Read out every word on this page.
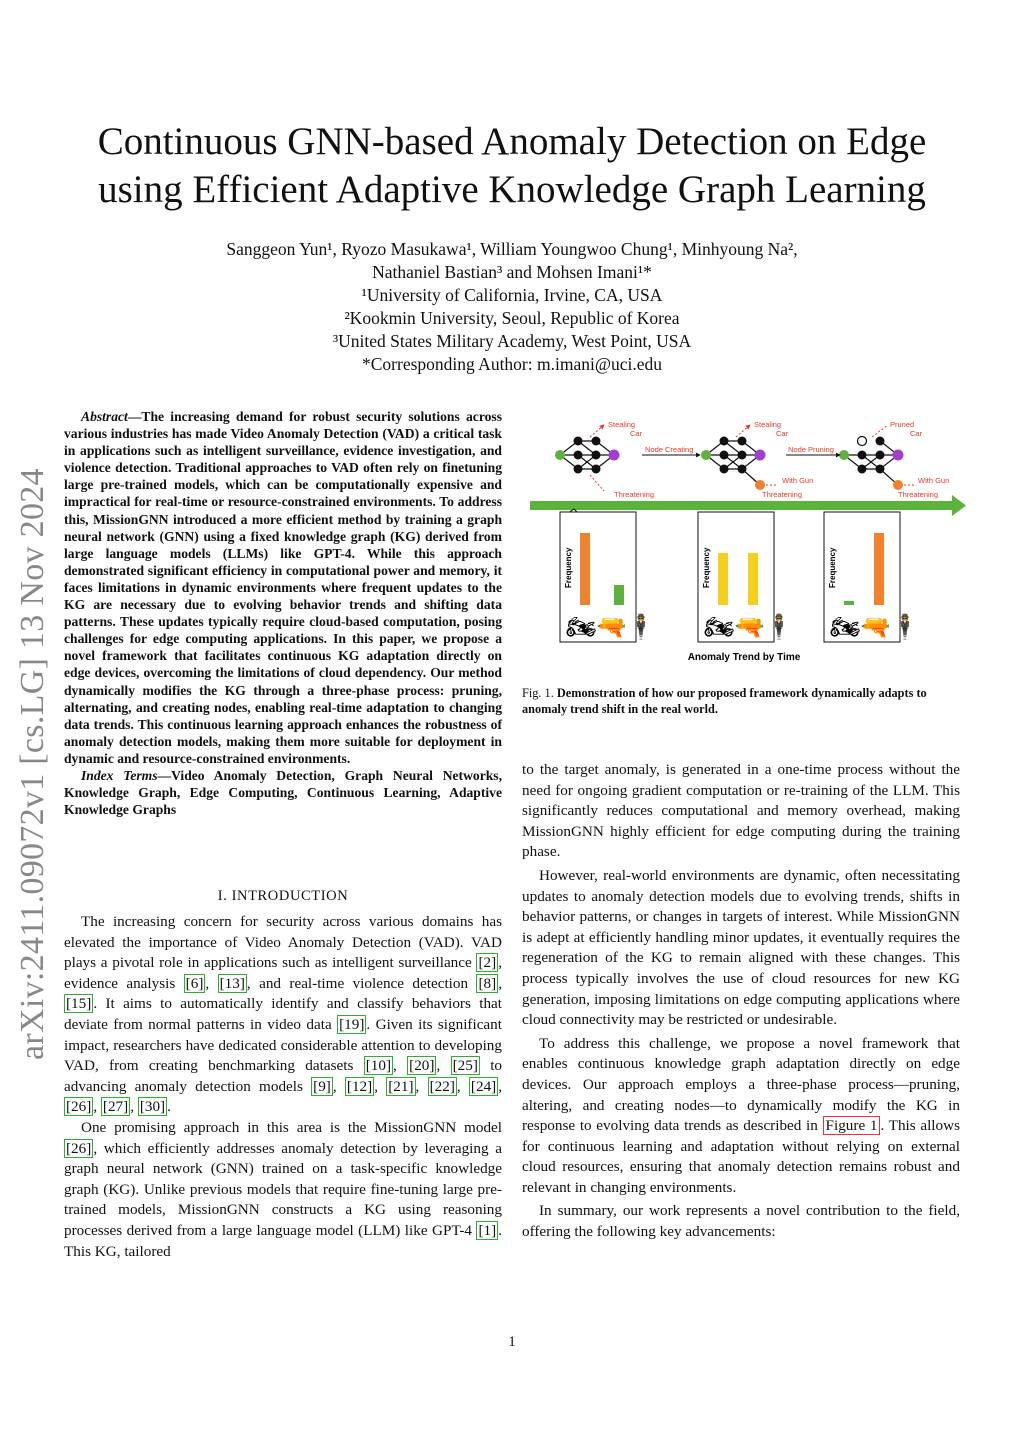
Continuous GNN-based Anomaly Detection on Edge
using Efficient Adaptive Knowledge Graph Learning
Sanggeon Yun¹, Ryozo Masukawa¹, William Youngwoo Chung¹, Minhyoung Na²,
Nathaniel Bastian³ and Mohsen Imani¹*
¹University of California, Irvine, CA, USA
²Kookmin University, Seoul, Republic of Korea
³United States Military Academy, West Point, USA
*Corresponding Author: m.imani@uci.edu
arXiv:2411.09072v1 [cs.LG] 13 Nov 2024

Abstract—The increasing demand for robust security solutions across various industries has made Video Anomaly Detection (VAD) a critical task in applications such as intelligent surveillance, evidence investigation, and violence detection. Traditional approaches to VAD often rely on finetuning large pre-trained models, which can be computationally expensive and impractical for real-time or resource-constrained environments. To address this, MissionGNN introduced a more efficient method by training a graph neural network (GNN) using a fixed knowledge graph (KG) derived from large language models (LLMs) like GPT-4. While this approach demonstrated significant efficiency in computational power and memory, it faces limitations in dynamic environments where frequent updates to the KG are necessary due to evolving behavior trends and shifting data patterns. These updates typically require cloud-based computation, posing challenges for edge computing applications. In this paper, we propose a novel framework that facilitates continuous KG adaptation directly on edge devices, overcoming the limitations of cloud dependency. Our method dynamically modifies the KG through a three-phase process: pruning, alternating, and creating nodes, enabling real-time adaptation to changing data trends. This continuous learning approach enhances the robustness of anomaly detection models, making them more suitable for deployment in dynamic and resource-constrained environments.

Index Terms—Video Anomaly Detection, Graph Neural Networks, Knowledge Graph, Edge Computing, Continuous Learning, Adaptive Knowledge Graphs

I. INTRODUCTION

The increasing concern for security across various domains has elevated the importance of Video Anomaly Detection (VAD). VAD plays a pivotal role in applications such as intelligent surveillance [2] , evidence analysis [6] , [13] , and real-time violence detection [8] , [15] . It aims to automatically identify and classify behaviors that deviate from normal patterns in video data [19] . Given its significant impact, researchers have dedicated considerable attention to developing VAD, from creating benchmarking datasets [10] , [20] , [25] to advancing anomaly detection models [9] , [12] , [21] , [22] , [24] , [26] , [27] , [30] .

One promising approach in this area is the MissionGNN model [26] , which efficiently addresses anomaly detection by leveraging a graph neural network (GNN) trained on a task-specific knowledge graph (KG). Unlike previous models that require fine-tuning large pre-trained models, MissionGNN constructs a KG using reasoning processes derived from a large language model (LLM) like GPT-4 [1] . This KG, tailored

Stealing
Car
Threatening
Stealing
Car
With Gun
Threatening
Pruned
Car
With Gun
Threatening
Node Creating	Node Pruning
Frequency
🏍🔫🕴
Frequency
🏍🔫🕴
Frequency
🏍🔫🕴
Anomaly Trend by Time
Fig. 1. Demonstration of how our proposed framework dynamically adapts to anomaly trend shift in the real world.

to the target anomaly, is generated in a one-time process without the need for ongoing gradient computation or re-training of the LLM. This significantly reduces computational and memory overhead, making MissionGNN highly efficient for edge computing during the training phase.

However, real-world environments are dynamic, often necessitating updates to anomaly detection models due to evolving trends, shifts in behavior patterns, or changes in targets of interest. While MissionGNN is adept at efficiently handling minor updates, it eventually requires the regeneration of the KG to remain aligned with these changes. This process typically involves the use of cloud resources for new KG generation, imposing limitations on edge computing applications where cloud connectivity may be restricted or undesirable.

To address this challenge, we propose a novel framework that enables continuous knowledge graph adaptation directly on edge devices. Our approach employs a three-phase process—pruning, altering, and creating nodes—to dynamically modify the KG in response to evolving data trends as described in Figure 1 . This allows for continuous learning and adaptation without relying on external cloud resources, ensuring that anomaly detection remains robust and relevant in changing environments.

In summary, our work represents a novel contribution to the field, offering the following key advancements:

1
